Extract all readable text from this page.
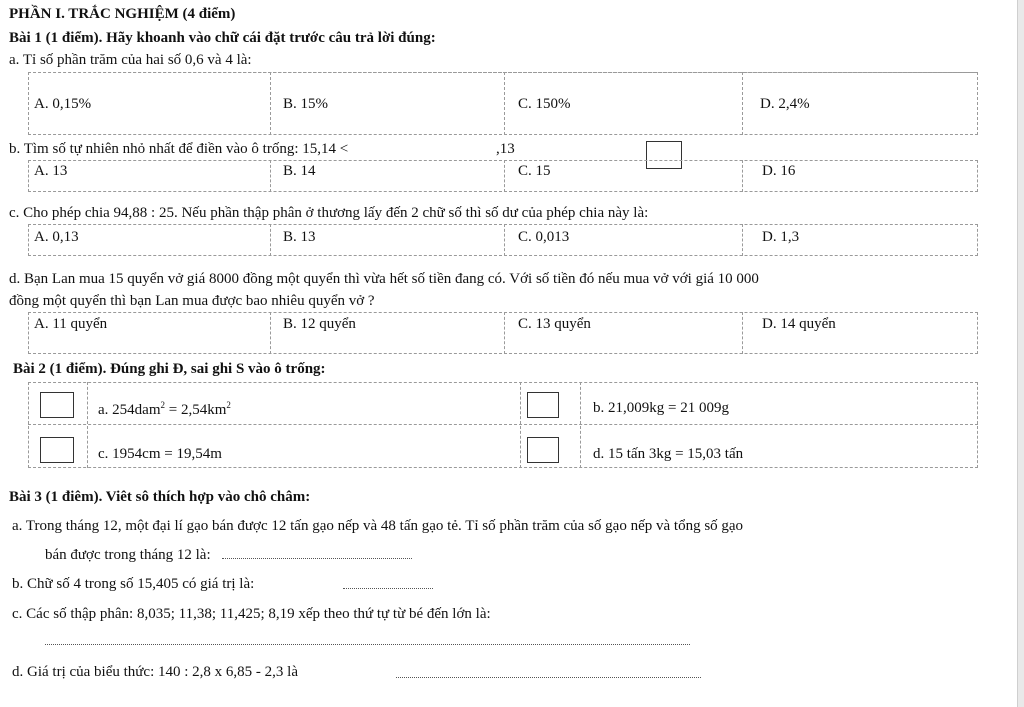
PHẦN I. TRẮC NGHIỆM (4 điểm)
Bài 1 (1 điểm). Hãy khoanh vào chữ cái đặt trước câu trả lời đúng:
a. Tỉ số phần trăm của hai số 0,6 và 4 là:
A. 0,15%	B. 15%	C. 150%	D. 2,4%
b. Tìm số tự nhiên nhỏ nhất để điền vào ô trống: 15,14 <	,13
A. 13	B. 14	C. 15	D. 16
c. Cho phép chia 94,88 : 25. Nếu phần thập phân ở thương lấy đến 2 chữ số thì số dư của phép chia này là:
A. 0,13	B. 13	C. 0,013	D. 1,3
d. Bạn Lan mua 15 quyển vở giá 8000 đồng một quyển thì vừa hết số tiền đang có. Với số tiền đó nếu mua vở với giá 10 000
đồng một quyển thì bạn Lan mua được bao nhiêu quyển vở ?
A. 11 quyển	B. 12 quyển	C. 13 quyển	D. 14 quyển
Bài 2 (1 điểm). Đúng ghi Đ, sai ghi S vào ô trống:
a. $254dam^2 = 2,54km^2$	b. 21,009kg = 21 009g
c. 1954cm = 19,54m	d. 15 tấn 3kg = 15,03 tấn
Bài 3 (1 điêm). Viêt sô thích hợp vào chô châm:
a. Trong tháng 12, một đại lí gạo bán được 12 tấn gạo nếp và 48 tấn gạo tẻ. Tỉ số phần trăm của số gạo nếp và tổng số gạo
bán được trong tháng 12 là:
b. Chữ số 4 trong số 15,405 có giá trị là:
c. Các số thập phân: 8,035; 11,38; 11,425; 8,19 xếp theo thứ tự từ bé đến lớn là:
d. Giá trị của biểu thức: 140 : 2,8 x 6,85 - 2,3 là
